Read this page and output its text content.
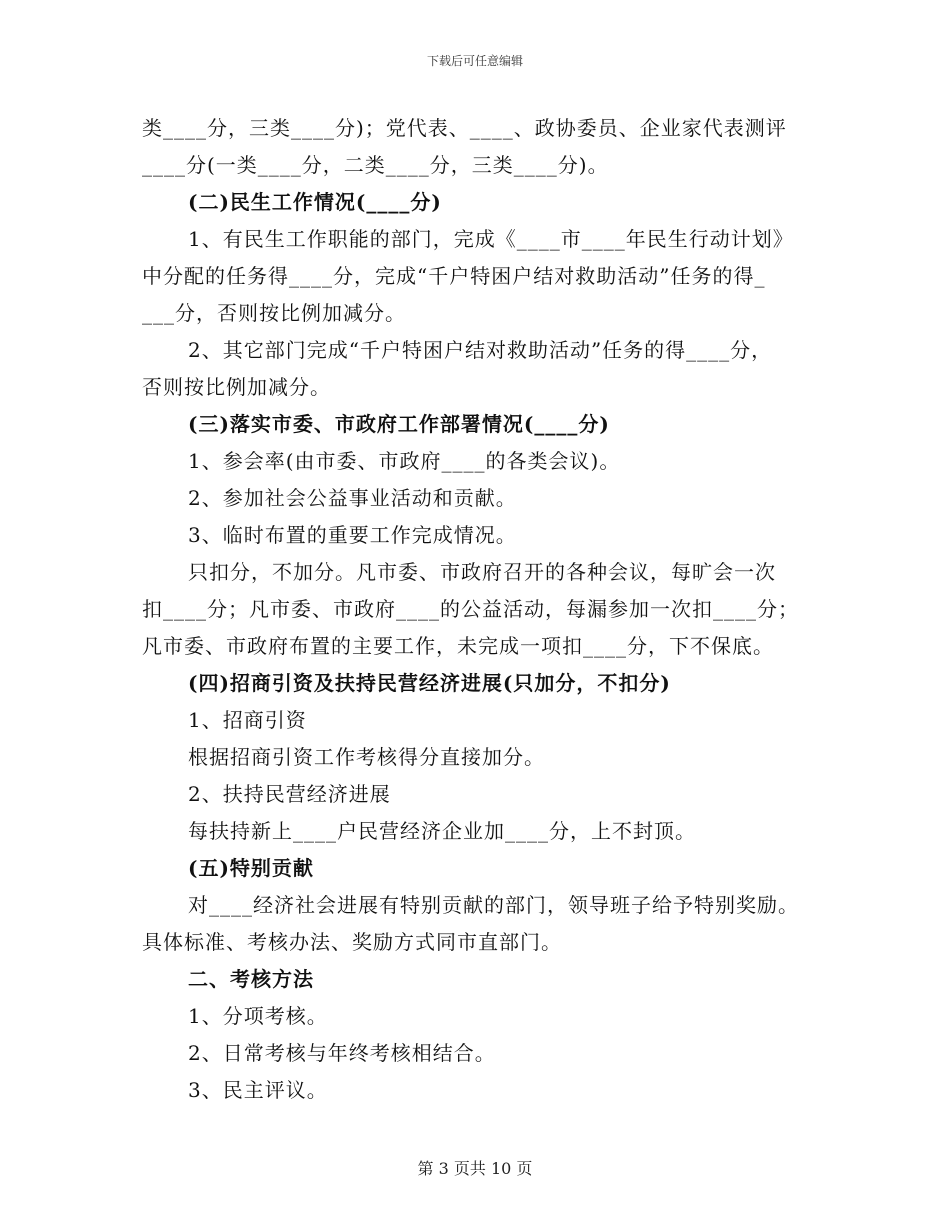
下载后可任意编辑
类____分，三类____分)；党代表、____、政协委员、企业家代表测评
____分(一类____分，二类____分，三类____分)。
(二)民生工作情况(____分)
1、有民生工作职能的部门，完成《____市____年民生行动计划》
中分配的任务得____分，完成“千户特困户结对救助活动”任务的得_
___分，否则按比例加减分。
2、其它部门完成“千户特困户结对救助活动”任务的得____分，
否则按比例加减分。
(三)落实市委、市政府工作部署情况(____分)
1、参会率(由市委、市政府____的各类会议)。
2、参加社会公益事业活动和贡献。
3、临时布置的重要工作完成情况。
只扣分，不加分。凡市委、市政府召开的各种会议，每旷会一次
扣____分；凡市委、市政府____的公益活动，每漏参加一次扣____分；
凡市委、市政府布置的主要工作，未完成一项扣____分，下不保底。
(四)招商引资及扶持民营经济进展(只加分，不扣分)
1、招商引资
根据招商引资工作考核得分直接加分。
2、扶持民营经济进展
每扶持新上____户民营经济企业加____分，上不封顶。
(五)特别贡献
对____经济社会进展有特别贡献的部门，领导班子给予特别奖励。
具体标准、考核办法、奖励方式同市直部门。
二、考核方法
1、分项考核。
2、日常考核与年终考核相结合。
3、民主评议。
第 3 页共 10 页
